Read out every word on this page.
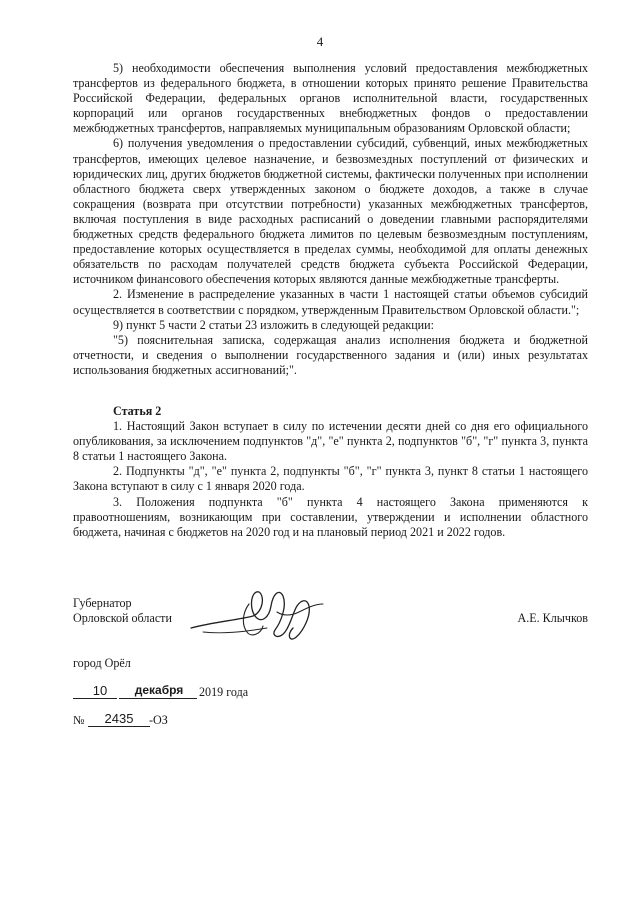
4

5) необходимости обеспечения выполнения условий предоставления межбюджетных трансфертов из федерального бюджета, в отношении которых принято решение Правительства Российской Федерации, федеральных органов исполнительной власти, государственных корпораций или органов государственных внебюджетных фондов о предоставлении межбюджетных трансфертов, направляемых муниципальным образованиям Орловской области;

6) получения уведомления о предоставлении субсидий, субвенций, иных межбюджетных трансфертов, имеющих целевое назначение, и безвозмездных поступлений от физических и юридических лиц, других бюджетов бюджетной системы, фактически полученных при исполнении областного бюджета сверх утвержденных законом о бюджете доходов, а также в случае сокращения (возврата при отсутствии потребности) указанных межбюджетных трансфертов, включая поступления в виде расходных расписаний о доведении главными распорядителями бюджетных средств федерального бюджета лимитов по целевым безвозмездным поступлениям, предоставление которых осуществляется в пределах суммы, необходимой для оплаты денежных обязательств по расходам получателей средств бюджета субъекта Российской Федерации, источником финансового обеспечения которых являются данные межбюджетные трансферты.

2. Изменение в распределение указанных в части 1 настоящей статьи объемов субсидий осуществляется в соответствии с порядком, утвержденным Правительством Орловской области.";

9) пункт 5 части 2 статьи 23 изложить в следующей редакции:

"5) пояснительная записка, содержащая анализ исполнения бюджета и бюджетной отчетности, и сведения о выполнении государственного задания и (или) иных результатах использования бюджетных ассигнований;".

Статья 2

1. Настоящий Закон вступает в силу по истечении десяти дней со дня его официального опубликования, за исключением подпунктов "д", "е" пункта 2, подпунктов "б", "г" пункта 3, пункта 8 статьи 1 настоящего Закона.

2. Подпункты "д", "е" пункта 2, подпункты "б", "г" пункта 3, пункт 8 статьи 1 настоящего Закона вступают в силу с 1 января 2020 года.

3. Положения подпункта "б" пункта 4 настоящего Закона применяются к правоотношениям, возникающим при составлении, утверждении и исполнении областного бюджета, начиная с бюджетов на 2020 год и на плановый период 2021 и 2022 годов.

Губернатор
Орловской области	А.Е. Клычков
город Орёл
10	декабря	2019 года
№	2435	-ОЗ
